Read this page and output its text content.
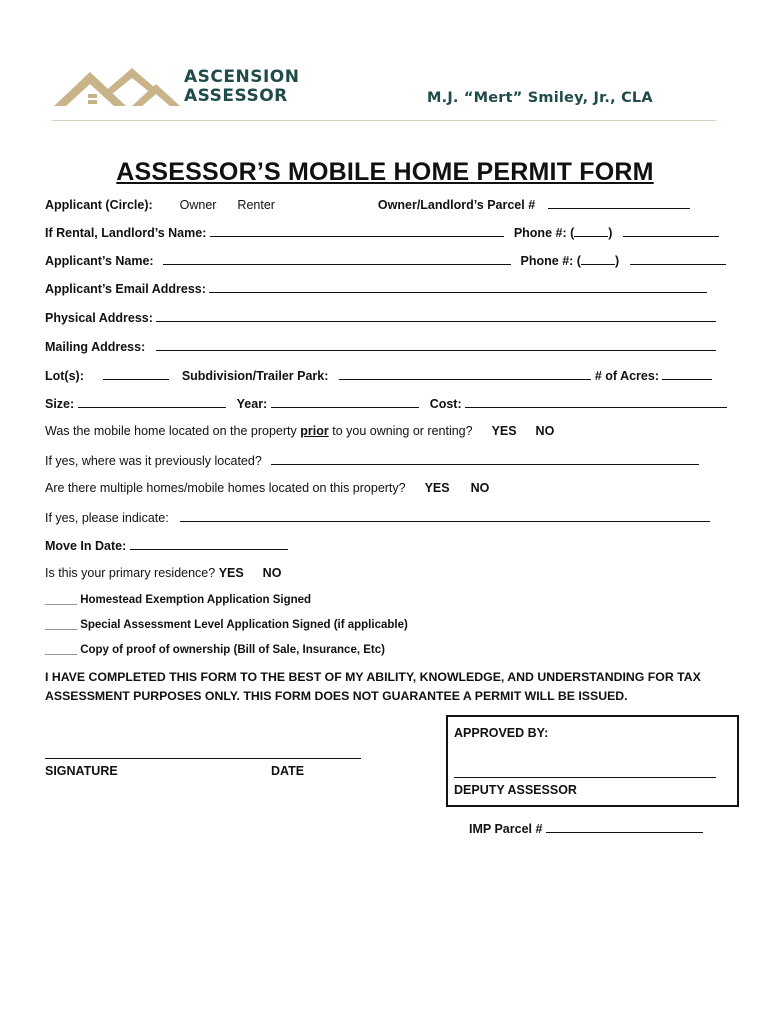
ASCENSION
ASSESSOR	M.J. “Mert” Smiley, Jr., CLA
ASSESSOR’S MOBILE HOME PERMIT FORM
Applicant (Circle): Owner Renter	Owner/Landlord’s Parcel #
If Rental, Landlord’s Name:	Phone #: (	)
Applicant’s Name:	Phone #: (	)
Applicant’s Email Address:
Physical Address:
Mailing Address:
Lot(s):	Subdivision/Trailer Park:	# of Acres:
Size:	Year:	Cost:
Was the mobile home located on the property prior to you owning or renting? YES NO
If yes, where was it previously located?
Are there multiple homes/mobile homes located on this property? YES NO
If yes, please indicate:
Move In Date:
Is this your primary residence? YES NO
_____ Homestead Exemption Application Signed
_____ Special Assessment Level Application Signed (if applicable)
_____ Copy of proof of ownership (Bill of Sale, Insurance, Etc)
I HAVE COMPLETED THIS FORM TO THE BEST OF MY ABILITY, KNOWLEDGE, AND UNDERSTANDING FOR TAX
ASSESSMENT PURPOSES ONLY. THIS FORM DOES NOT GUARANTEE A PERMIT WILL BE ISSUED.
SIGNATURE	DATE
APPROVED BY:
DEPUTY ASSESSOR
IMP Parcel #
